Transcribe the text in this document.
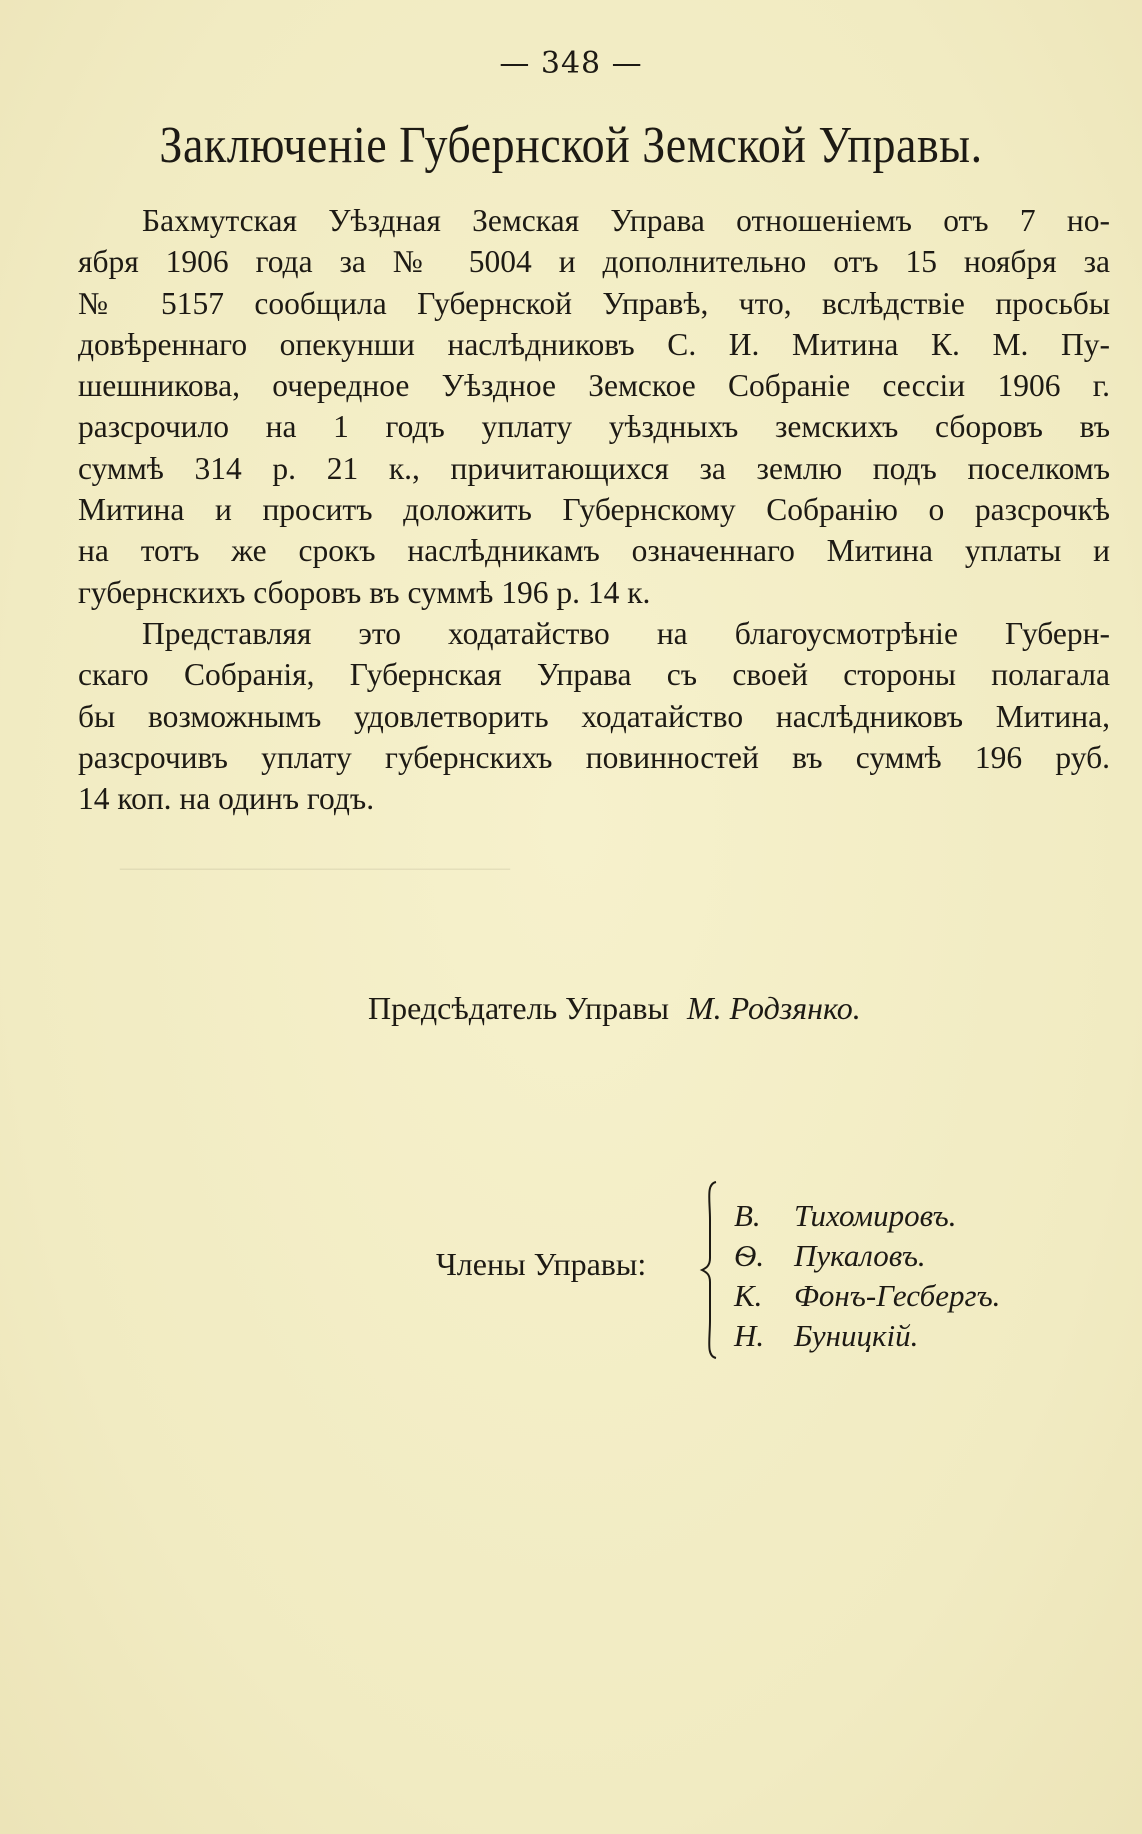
—————————————
— 348 —
Заключеніе Губернской Земской Управы.
Бахмутская Уѣздная Земская Управа отношеніемъ отъ 7 но-
ября 1906 года за № 5004 и дополнительно отъ 15 ноября за
№ 5157 сообщила Губернской Управѣ, что, вслѣдствіе просьбы
довѣреннаго опекунши наслѣдниковъ С. И. Митина К. М. Пу-
шешникова, очередное Уѣздное Земское Собраніе сессіи 1906 г.
разсрочило на 1 годъ уплату уѣздныхъ земскихъ сборовъ въ
суммѣ 314 р. 21 к., причитающихся за землю подъ поселкомъ
Митина и проситъ доложить Губернскому Собранію о разсрочкѣ
на тотъ же срокъ наслѣдникамъ означеннаго Митина уплаты и
губернскихъ сборовъ въ суммѣ 196 р. 14 к.
Представляя это ходатайство на благоусмотрѣніе Губерн-
скаго Собранія, Губернская Управа съ своей стороны полагала
бы возможнымъ удовлетворить ходатайство наслѣдниковъ Митина,
разсрочивъ уплату губернскихъ повинностей въ суммѣ 196 руб.
14 коп. на одинъ годъ.
Предсѣдатель Управы М. Родзянко.
Члены Управы:
В. Тихомировъ.
Ѳ. Пукаловъ.
К. Фонъ-Гесбергъ.
Н. Буницкій.
